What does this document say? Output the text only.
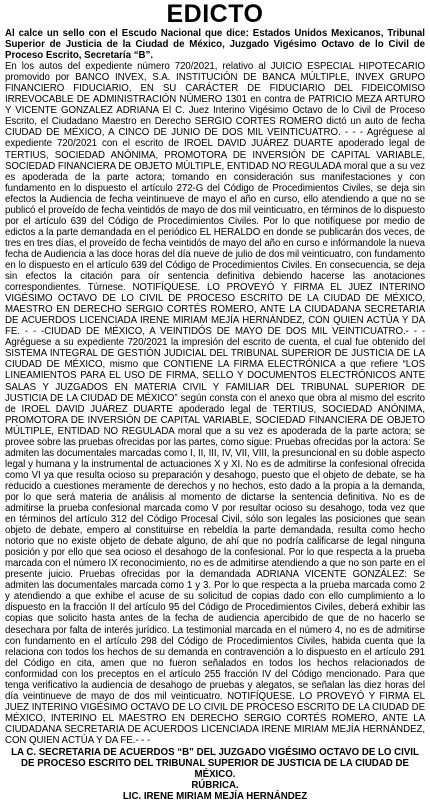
EDICTO

Al calce un sello con el Escudo Nacional que dice: Estados Unidos Mexicanos, Tribunal Superior de Justicia de la Ciudad de México, Juzgado Vigésimo Octavo de lo Civil de Proceso Escrito, Secretaría “B”.

En los autos del expediente número 720/2021, relativo al JUICIO ESPECIAL HIPOTECARIO promovido por BANCO INVEX, S.A. INSTITUCIÓN DE BANCA MÚLTIPLE, INVEX GRUPO FINANCIERO FIDUCIARIO, EN SU CARÁCTER DE FIDUCIARIO DEL FIDEICOMISO IRREVOCABLE DE ADMINISTRACIÓN NÚMERO 1301 en contra de PATRICIO MEZA ARTURO Y VICENTE GONZALEZ ADRIANA El C. Juez Interino Vigésimo Octavo de lo Civil de Proceso Escrito, el Ciudadano Maestro en Derecho SERGIO CORTES ROMERO dictó un auto de fecha CIUDAD DE MÉXICO, A CINCO DE JUNIO DE DOS MIL VEINTICUATRO. - - - Agréguese al expediente 720/2021 con el escrito de IROEL DAVID JUÁREZ DUARTE apoderado legal de TERTIUS, SOCIEDAD ANÓNIMA, PROMOTORA DE INVERSIÓN DE CAPITAL VARIABLE, SOCIEDAD FINANCIERA DE OBJETO MÚLTIPLE, ENTIDAD NO REGULADA moral que a su vez es apoderada de la parte actora; tomando en consideración sus manifestaciones y con fundamento en lo dispuesto el artículo 272-G del Código de Procedimientos Civiles, se deja sin efectos la Audiencia de fecha veintinueve de mayo el año en curso, ello atendiendo a que no se publicó el proveído de fecha veintidós de mayo de dos mil veinticuatro, en términos de lo dispuesto por el artículo 639 del Código de Procedimientos Civiles. Por lo que notifíquese por medio de edictos a la parte demandada en el periódico EL HERALDO en donde se publicarán dos veces, de tres en tres días, el proveído de fecha veintidós de mayo del año en curso e infórmandole la nueva fecha de Audiencia a las doce horas del día nueve de julio de dos mil veinticuatro, con fundamento en lo dispuesto en el artículo 639 del Código de Procedimientos Civiles. En consecuencia, se deja sin efectos la citación para oír sentencia definitiva debiendo hacerse las anotaciones correspondientes. Túrnese. NOTIFÍQUESE. LO PROVEYÓ Y FIRMA EL JUEZ INTERINO VIGÉSIMO OCTAVO DE LO CIVIL DE PROCESO ESCRITO DE LA CIUDAD DE MÉXICO, MAESTRO EN DERECHO SERGIO CORTÉS ROMERO, ANTE LA CIUDADANA SECRETARIA DE ACUERDOS LICENCIADA IRENE MIRIAM MEJÍA HERNÁNDEZ, CON QUIEN ACTÚA Y DA FE. - - -CIUDAD DE MÉXICO, A VEINTIDÓS DE MAYO DE DOS MIL VEINTICUATRO.- - - Agréguese a su expediente 720/2021 la impresión del escrito de cuenta, el cual fue obtenido del SISTEMA INTEGRAL DE GESTIÓN JUDICIAL DEL TRIBUNAL SUPERIOR DE JUSTICIA DE LA CIUDAD DE MÉXICO, mismo que CONTIENE LA FIRMA ELECTRÓNICA a que refiere “LOS LINEAMIENTOS PARA EL USO DE FIRMA, SELLO Y DOCUMENTOS ELECTRÓNICOS ANTE SALAS Y JUZGADOS EN MATERIA CIVIL Y FAMILIAR DEL TRIBUNAL SUPERIOR DE JUSTICIA DE LA CIUDAD DE MÉXICO” según consta con el anexo que obra al mismo del escrito de IROEL DAVID JUÁREZ DUARTE apoderado legal de TERTIUS, SOCIEDAD ANÓNIMA, PROMOTORA DE INVERSIÓN DE CAPITAL VARIABLE, SOCIEDAD FINANCIERA DE OBJETO MÚLTIPLE, ENTIDAD NO REGULADA moral que a su vez es apoderada de la parte actora; se provee sobre las pruebas ofrecidas por las partes, como sigue: Pruebas ofrecidas por la actora: Se admiten las documentales marcadas como I, II, III, IV, VII, VIII, la presuncional en su doble aspecto legal y humana y la instrumental de actuaciones X y XI. No es de admitirse la confesional ofrecida como VI ya que resulta ocioso su preparación y desahogo, puesto que el objeto de debate, se ha reducido a cuestiones meramente de derechos y no hechos, esto dado a la propia a la demanda, por lo que será materia de análisis al momento de dictarse la sentencia definitiva. No es de admitirse la prueba confesional marcada como V por resultar ocioso su desahogo, toda vez que en términos del artículo 312 del Código Procesal Civil, sólo son legales las posiciones que sean objeto de debate, empero al constituirse en rebeldía la parte demandada, resulta como hecho notorio que no existe objeto de debate alguno, de ahí que no podría calificarse de legal ninguna posición y por ello que sea ocioso el desahogo de la confesional. Por lo que respecta a la prueba marcada con el número IX reconocimiento, no es de admitirse atendiendo a que no son parte en el presente juicio. Pruebas ofrecidas por la demandada ADRIANA VICENTE GONZÁLEZ: Se admiten las documentales marcada como 1 y 3. Por lo que respecta a la prueba marcada como 2 y atendiendo a que exhibe el acuse de su solicitud de copias dado con ello cumplimiento a lo dispuesto en la fracción II del artículo 95 del Código de Procedimientos Civiles, deberá exhibir las copias que solicito hasta antes de la fecha de audiencia apercibido de que de no hacerlo se desechara por falta de interés jurídico. La testimonial marcada en el número 4, no es de admitirse con fundamento en el artículo 298 del Código de Procedimientos Civiles, habida cuenta que la relaciona con todos los hechos de su demanda en contravención a lo dispuesto en el artículo 291 del Código en cita, amen que no fueron señalados en todos los hechos relacionados de conformidad con los preceptos en el artículo 255 fracción IV del Código mencionado. Para que tenga verificativo la audiencia de desahogo de pruebas y alegatos, se señalan las diez horas del día veintinueve de mayo de dos mil veinticuatro. NOTIFÍQUESE. LO PROVEYÓ Y FIRMA EL JUEZ INTERINO VIGÉSIMO OCTAVO DE LO CIVIL DE PROCESO ESCRITO DE LA CIUDAD DE MÉXICO, INTERINO EL MAESTRO EN DERECHO SERGIO CORTÉS ROMERO, ANTE LA CIUDADANA SECRETARIA DE ACUERDOS LICENCIADA IRENE MIRIAM MEJÍA HERNÁNDEZ, CON QUIEN ACTÚA Y DA FE.- - -

LA C. SECRETARIA DE ACUERDOS “B” DEL JUZGADO VIGÉSIMO OCTAVO DE LO CIVIL DE PROCESO ESCRITO DEL TRIBUNAL SUPERIOR DE JUSTICIA DE LA CIUDAD DE MÉXICO.
RÚBRICA.
LIC. IRENE MIRIAM MEJÍA HERNÁNDEZ
